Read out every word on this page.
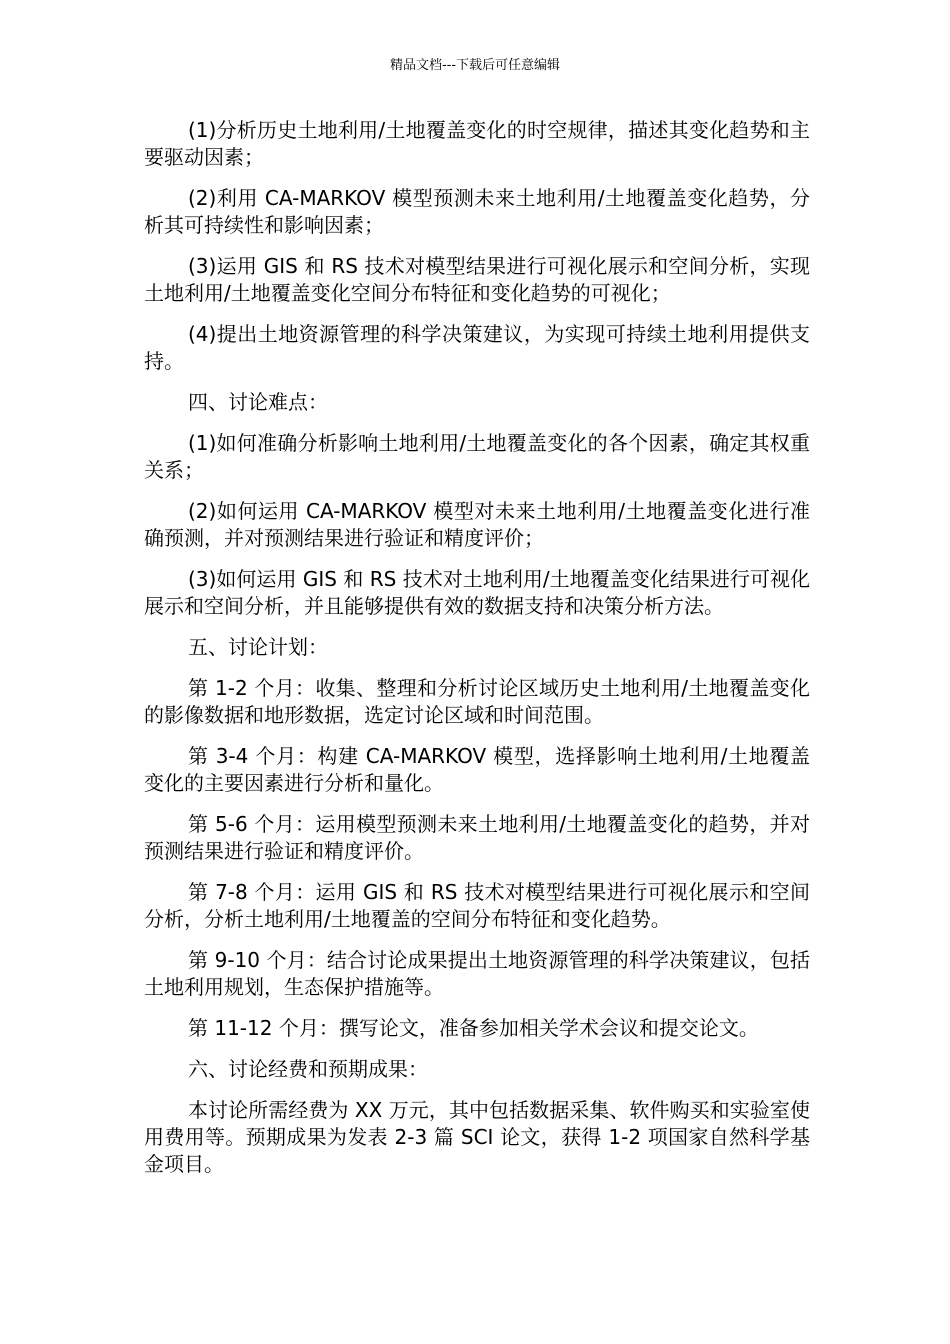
精品文档---下载后可任意编辑

(1)分析历史土地利用/土地覆盖变化的时空规律，描述其变化趋势和主要驱动因素；

(2)利用 CA-MARKOV 模型预测未来土地利用/土地覆盖变化趋势，分析其可持续性和影响因素；

(3)运用 GIS 和 RS 技术对模型结果进行可视化展示和空间分析，实现土地利用/土地覆盖变化空间分布特征和变化趋势的可视化；

(4)提出土地资源管理的科学决策建议，为实现可持续土地利用提供支持。

四、讨论难点：

(1)如何准确分析影响土地利用/土地覆盖变化的各个因素，确定其权重关系；

(2)如何运用 CA-MARKOV 模型对未来土地利用/土地覆盖变化进行准确预测，并对预测结果进行验证和精度评价；

(3)如何运用 GIS 和 RS 技术对土地利用/土地覆盖变化结果进行可视化展示和空间分析，并且能够提供有效的数据支持和决策分析方法。

五、讨论计划：

第 1-2 个月：收集、整理和分析讨论区域历史土地利用/土地覆盖变化的影像数据和地形数据，选定讨论区域和时间范围。

第 3-4 个月：构建 CA-MARKOV 模型，选择影响土地利用/土地覆盖变化的主要因素进行分析和量化。

第 5-6 个月：运用模型预测未来土地利用/土地覆盖变化的趋势，并对预测结果进行验证和精度评价。

第 7-8 个月：运用 GIS 和 RS 技术对模型结果进行可视化展示和空间分析，分析土地利用/土地覆盖的空间分布特征和变化趋势。

第 9-10 个月：结合讨论成果提出土地资源管理的科学决策建议，包括土地利用规划，生态保护措施等。

第 11-12 个月：撰写论文，准备参加相关学术会议和提交论文。

六、讨论经费和预期成果：

本讨论所需经费为 XX 万元，其中包括数据采集、软件购买和实验室使用费用等。预期成果为发表 2-3 篇 SCI 论文，获得 1-2 项国家自然科学基金项目。
